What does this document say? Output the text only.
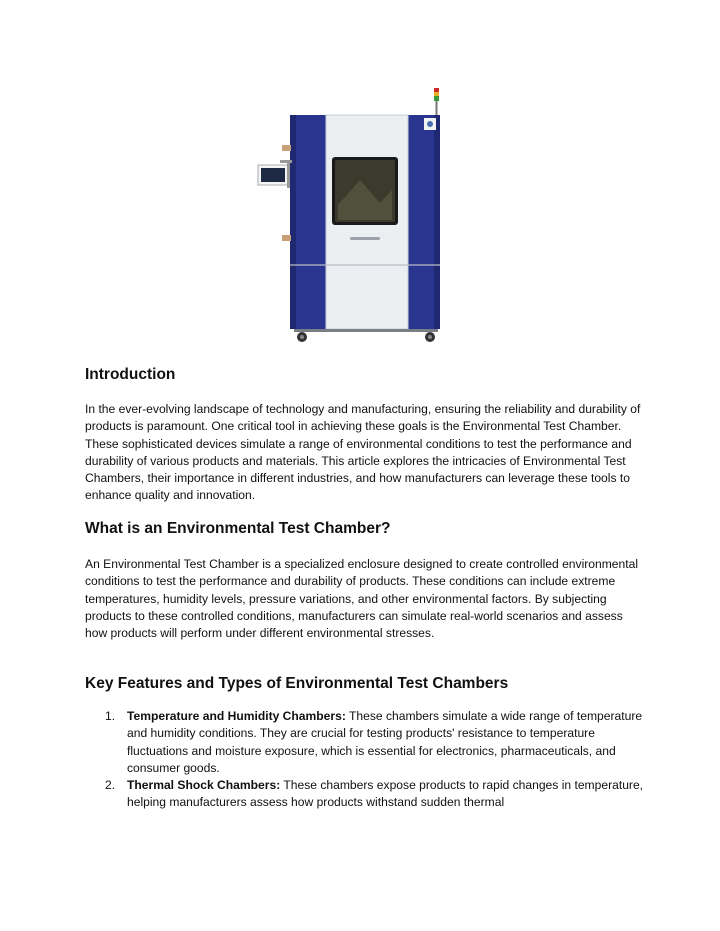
Introduction

In the ever-evolving landscape of technology and manufacturing, ensuring the reliability and durability of products is paramount. One critical tool in achieving these goals is the Environmental Test Chamber. These sophisticated devices simulate a range of environmental conditions to test the performance and durability of various products and materials. This article explores the intricacies of Environmental Test Chambers, their importance in different industries, and how manufacturers can leverage these tools to enhance quality and innovation.

What is an Environmental Test Chamber?

An Environmental Test Chamber is a specialized enclosure designed to create controlled environmental conditions to test the performance and durability of products. These conditions can include extreme temperatures, humidity levels, pressure variations, and other environmental factors. By subjecting products to these controlled conditions, manufacturers can simulate real-world scenarios and assess how products will perform under different environmental stresses.

Key Features and Types of Environmental Test Chambers
1. Temperature and Humidity Chambers: These chambers simulate a wide range of temperature and humidity conditions. They are crucial for testing products' resistance to temperature fluctuations and moisture exposure, which is essential for electronics, pharmaceuticals, and consumer goods.
2. Thermal Shock Chambers: These chambers expose products to rapid changes in temperature, helping manufacturers assess how products withstand sudden thermal
